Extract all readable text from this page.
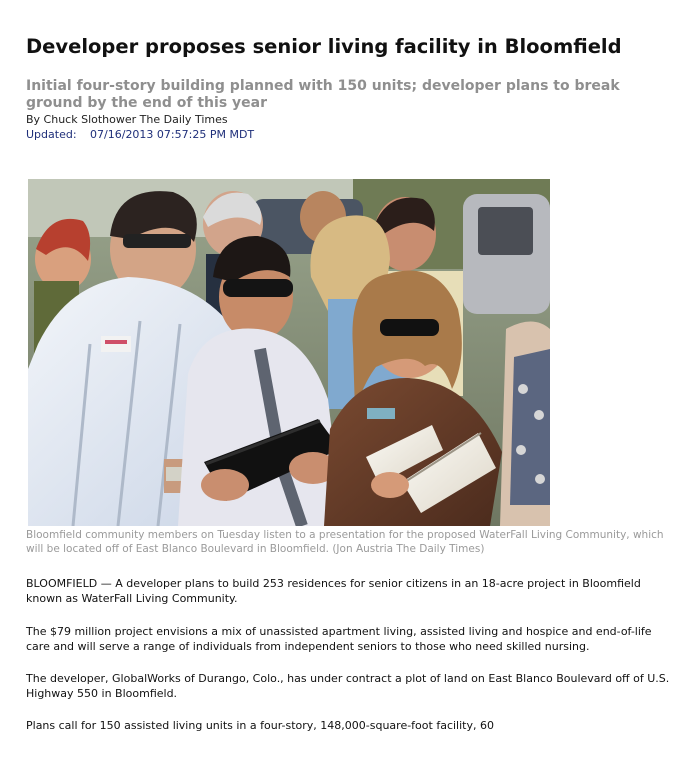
Developer proposes senior living facility in Bloomfield
Initial four-story building planned with 150 units; developer plans to break ground by the end of this year
By Chuck Slothower The Daily Times
Updated: 07/16/2013 07:57:25 PM MDT
Bloomfield community members on Tuesday listen to a presentation for the proposed WaterFall Living Community, which will be located off of East Blanco Boulevard in Bloomfield. (Jon Austria The Daily Times)
BLOOMFIELD — A developer plans to build 253 residences for senior citizens in an 18-acre project in Bloomfield known as WaterFall Living Community.
The $79 million project envisions a mix of unassisted apartment living, assisted living and hospice and end-of-life care and will serve a range of individuals from independent seniors to those who need skilled nursing.
The developer, GlobalWorks of Durango, Colo., has under contract a plot of land on East Blanco Boulevard off of U.S. Highway 550 in Bloomfield.
Plans call for 150 assisted living units in a four-story, 148,000-square-foot facility, 60
